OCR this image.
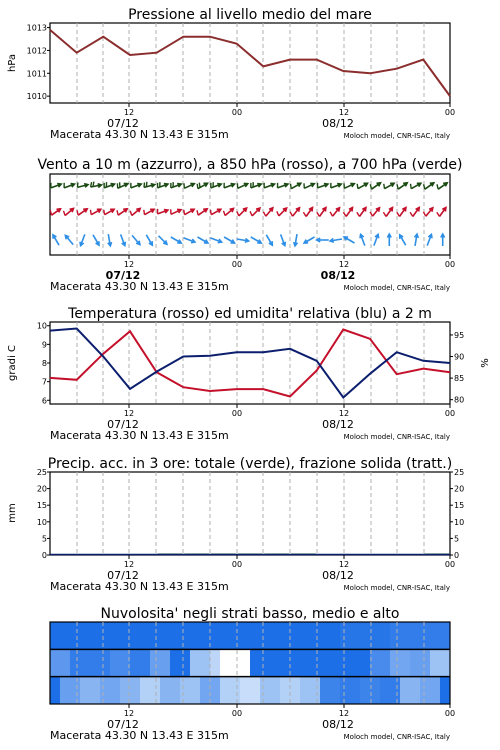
Pressione al livello medio del mare
12	00	12	00
07/12	08/12
Macerata 43.30 N 13.43 E 315m	Moloch model, CNR-ISAC, Italy
1013
1012
1011
1010
hPa
Vento a 10 m (azzurro), a 850 hPa (rosso), a 700 hPa (verde)
12	00	12	00
07/12	08/12
Macerata 43.30 N 13.43 E 315m	Moloch model, CNR-ISAC, Italy
Temperatura (rosso) ed umidita' relativa (blu) a 2 m
12	00	12	00
07/12	08/12
Macerata 43.30 N 13.43 E 315m	Moloch model, CNR-ISAC, Italy
10
9
8
7
6
95
90
85
80
gradi C	%
Precip. acc. in 3 ore: totale (verde), frazione solida (tratt.)
12	00	12	00
07/12	08/12
Macerata 43.30 N 13.43 E 315m	Moloch model, CNR-ISAC, Italy
25	25
20	20
15	15
10	10
5	5
0	0
mm
Nuvolosita' negli strati basso, medio e alto
12	00	12	00
07/12	08/12
Macerata 43.30 N 13.43 E 315m	Moloch model, CNR-ISAC, Italy
